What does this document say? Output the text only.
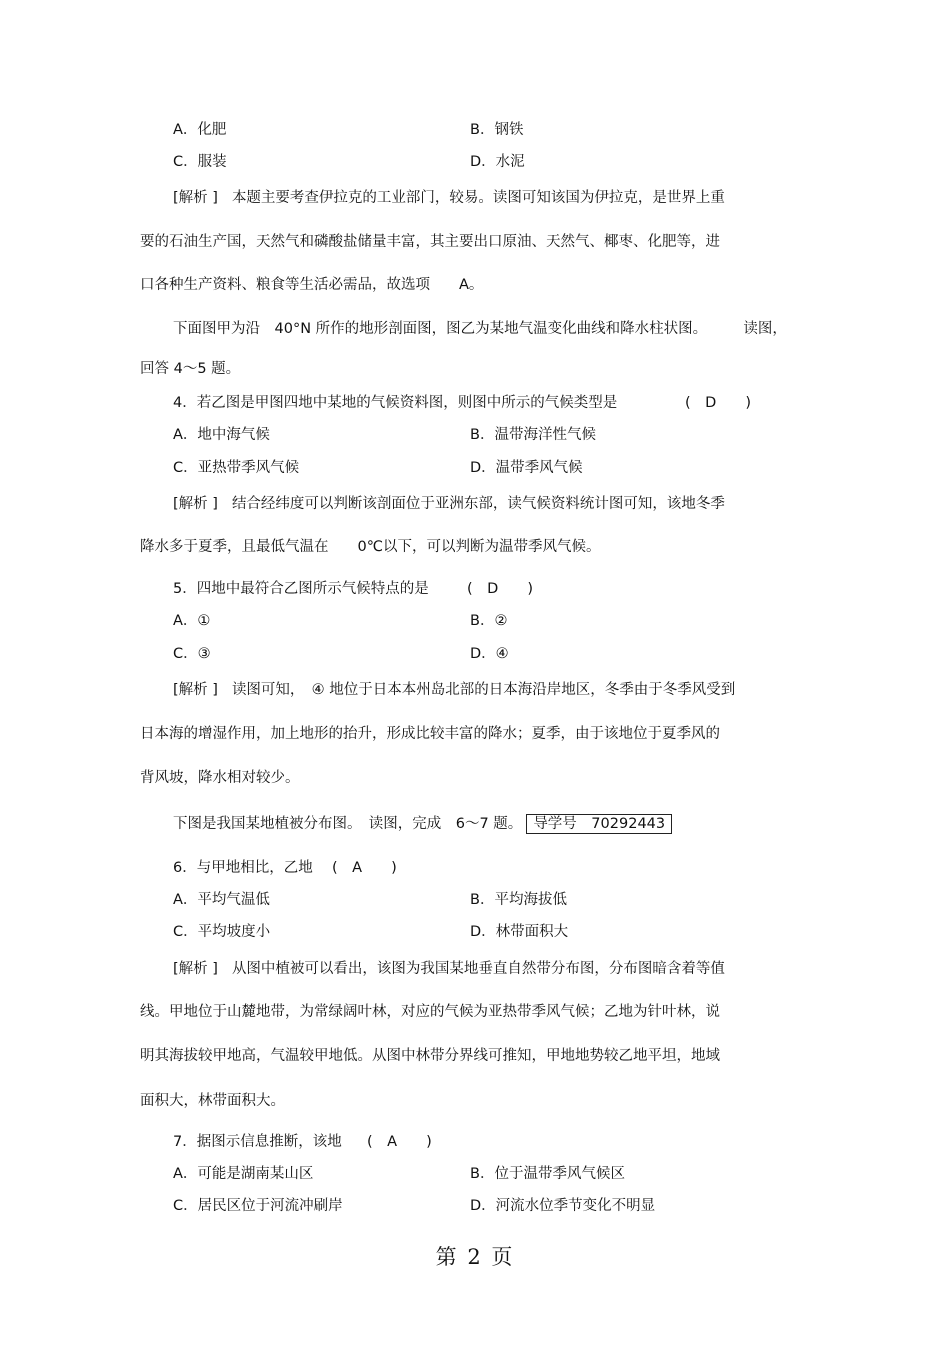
A．化肥	B．钢铁
C．服装	D．水泥
[解析 ] 本题主要考查伊拉克的工业部门，较易。读图可知该国为伊拉克，是世界上重
要的石油生产国，天然气和磷酸盐储量丰富，其主要出口原油、天然气、椰枣、化肥等，进
口各种生产资料、粮食等生活必需品，故选项　　A。
下面图甲为沿　40°N 所作的地形剖面图，图乙为某地气温变化曲线和降水柱状图。　　　读图，
回答 4～5 题。
4．若乙图是甲图四地中某地的气候资料图，则图中所示的气候类型是	(　D　　)
A．地中海气候	B．温带海洋性气候
C．亚热带季风气候	D．温带季风气候
[解析 ] 结合经纬度可以判断该剖面位于亚洲东部，读气候资料统计图可知，该地冬季
降水多于夏季，且最低气温在　　0℃以下，可以判断为温带季风气候。
5．四地中最符合乙图所示气候特点的是	(　D　　)
A．①	B．②
C．③	D．④
[解析 ] 读图可知，　④ 地位于日本本州岛北部的日本海沿岸地区，冬季由于冬季风受到
日本海的增湿作用，加上地形的抬升，形成比较丰富的降水；夏季，由于该地位于夏季风的
背风坡，降水相对较少。
下图是我国某地植被分布图。　读图，完成　6～7 题。 导学号　70292443
6．与甲地相比，乙地 (　A　　)
A．平均气温低	B．平均海拔低
C．平均坡度小	D．林带面积大
[解析 ] 从图中植被可以看出，该图为我国某地垂直自然带分布图，分布图暗含着等值
线。甲地位于山麓地带，为常绿阔叶林，对应的气候为亚热带季风气候；乙地为针叶林，说
明其海拔较甲地高，气温较甲地低。从图中林带分界线可推知，甲地地势较乙地平坦，地域
面积大，林带面积大。
7．据图示信息推断，该地 (　A　　)
A．可能是湖南某山区	B．位于温带季风气候区
C．居民区位于河流冲刷岸	D．河流水位季节变化不明显
第 2 页
